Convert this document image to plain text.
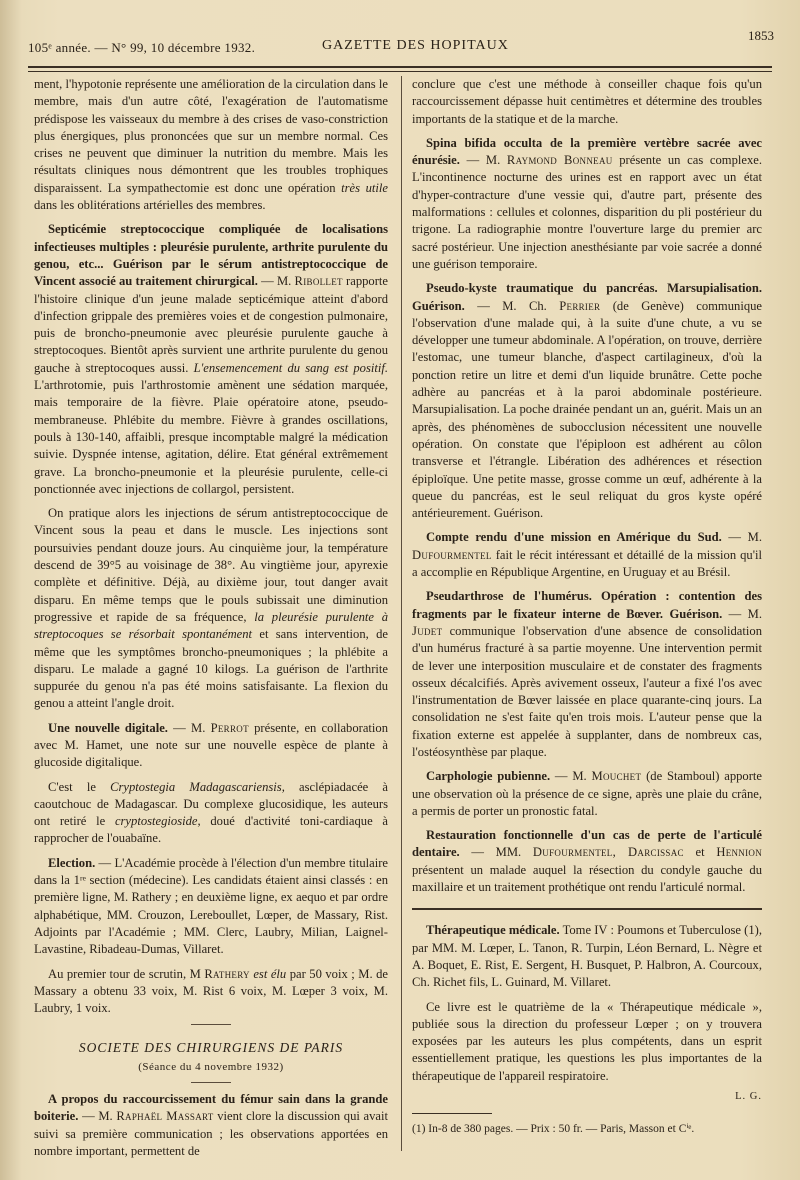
105ᵉ année. — N° 99, 10 décembre 1932.	GAZETTE DES HOPITAUX
1853

ment, l'hypotonie représente une amélioration de la circulation dans le membre, mais d'un autre côté, l'exagération de l'automatisme prédispose les vaisseaux du membre à des crises de vaso-constriction plus énergiques, plus prononcées que sur un membre normal. Ces crises ne peuvent que diminuer la nutrition du membre. Mais les résultats cliniques nous démontrent que les troubles trophiques disparaissent. La sympathectomie est donc une opération très utile dans les oblitérations artérielles des membres.

Septicémie streptococcique compliquée de localisations infectieuses multiples : pleurésie purulente, arthrite purulente du genou, etc... Guérison par le sérum antistreptococcique de Vincent associé au traitement chirurgical. — M. Ribollet rapporte l'histoire clinique d'un jeune malade septicémique atteint d'abord d'infection grippale des premières voies et de congestion pulmonaire, puis de broncho-pneumonie avec pleurésie purulente gauche à streptocoques. Bientôt après survient une arthrite purulente du genou gauche à streptocoques aussi. L'ensemencement du sang est positif. L'arthrotomie, puis l'arthrostomie amènent une sédation marquée, mais temporaire de la fièvre. Plaie opératoire atone, pseudo-membraneuse. Phlébite du membre. Fièvre à grandes oscillations, pouls à 130-140, affaibli, presque incomptable malgré la médication suivie. Dyspnée intense, agitation, délire. Etat général extrêmement grave. La broncho-pneumonie et la pleurésie purulente, celle-ci ponctionnée avec injections de collargol, persistent.

On pratique alors les injections de sérum antistreptococcique de Vincent sous la peau et dans le muscle. Les injections sont poursuivies pendant douze jours. Au cinquième jour, la température descend de 39°5 au voisinage de 38°. Au vingtième jour, apyrexie complète et définitive. Déjà, au dixième jour, tout danger avait disparu. En même temps que le pouls subissait une diminution progressive et rapide de sa fréquence, la pleurésie purulente à streptocoques se résorbait spontanément et sans intervention, de même que les symptômes broncho-pneumoniques ; la phlébite a disparu. Le malade a gagné 10 kilogs. La guérison de l'arthrite suppurée du genou n'a pas été moins satisfaisante. La flexion du genou a atteint l'angle droit.

Une nouvelle digitale. — M. Perrot présente, en collaboration avec M. Hamet, une note sur une nouvelle espèce de plante à glucoside digitalique.

C'est le Cryptostegia Madagascariensis, asclépiadacée à caoutchouc de Madagascar. Du complexe glucosidique, les auteurs ont retiré le cryptostegioside, doué d'activité toni-cardiaque à rapprocher de l'ouabaïne.

Election. — L'Académie procède à l'élection d'un membre titulaire dans la 1ʳᵉ section (médecine). Les candidats étaient ainsi classés : en première ligne, M. Rathery ; en deuxième ligne, ex aequo et par ordre alphabétique, MM. Crouzon, Lereboullet, Lœper, de Massary, Rist. Adjoints par l'Académie ; MM. Clerc, Laubry, Milian, Laignel-Lavastine, Ribadeau-Dumas, Villaret.

Au premier tour de scrutin, M Rathery est élu par 50 voix ; M. de Massary a obtenu 33 voix, M. Rist 6 voix, M. Lœper 3 voix, M. Laubry, 1 voix.

SOCIETE DES CHIRURGIENS DE PARIS
(Séance du 4 novembre 1932)

A propos du raccourcissement du fémur sain dans la grande boiterie. — M. Raphaël Massart vient clore la discussion qui avait suivi sa première communication ; les observations apportées en nombre important, permettent de

conclure que c'est une méthode à conseiller chaque fois qu'un raccourcissement dépasse huit centimètres et détermine des troubles importants de la statique et de la marche.

Spina bifida occulta de la première vertèbre sacrée avec énurésie. — M. Raymond Bonneau présente un cas complexe. L'incontinence nocturne des urines est en rapport avec un état d'hyper-contracture d'une vessie qui, d'autre part, présente des malformations : cellules et colonnes, disparition du pli postérieur du trigone. La radiographie montre l'ouverture large du premier arc sacré postérieur. Une injection anesthésiante par voie sacrée a donné une guérison temporaire.

Pseudo-kyste traumatique du pancréas. Marsupialisation. Guérison. — M. Ch. Perrier (de Genève) communique l'observation d'une malade qui, à la suite d'une chute, a vu se développer une tumeur abdominale. A l'opération, on trouve, derrière l'estomac, une tumeur blanche, d'aspect cartilagineux, d'où la ponction retire un litre et demi d'un liquide brunâtre. Cette poche adhère au pancréas et à la paroi abdominale postérieure. Marsupialisation. La poche drainée pendant un an, guérit. Mais un an après, des phénomènes de subocclusion nécessitent une nouvelle opération. On constate que l'épiploon est adhérent au côlon transverse et l'étrangle. Libération des adhérences et résection épiploïque. Une petite masse, grosse comme un œuf, adhérente à la queue du pancréas, est le seul reliquat du gros kyste opéré antérieurement. Guérison.

Compte rendu d'une mission en Amérique du Sud. — M. Dufourmentel fait le récit intéressant et détaillé de la mission qu'il a accomplie en République Argentine, en Uruguay et au Brésil.

Pseudarthrose de l'humérus. Opération : contention des fragments par le fixateur interne de Bœver. Guérison. — M. Judet communique l'observation d'une absence de consolidation d'un humérus fracturé à sa partie moyenne. Une intervention permit de lever une interposition musculaire et de constater des fragments osseux décalcifiés. Après avivement osseux, l'auteur a fixé l'os avec l'instrumentation de Bœver laissée en place quarante-cinq jours. La consolidation ne s'est faite qu'en trois mois. L'auteur pense que la fixation externe est appelée à supplanter, dans de nombreux cas, l'ostéosynthèse par plaque.

Carphologie pubienne. — M. Mouchet (de Stamboul) apporte une observation où la présence de ce signe, après une plaie du crâne, a permis de porter un pronostic fatal.

Restauration fonctionnelle d'un cas de perte de l'articulé dentaire. — MM. Dufourmentel, Darcissac et Hennion présentent un malade auquel la résection du condyle gauche du maxillaire et un traitement prothétique ont rendu l'articulé normal.

Thérapeutique médicale. Tome IV : Poumons et Tuberculose (1), par MM. M. Lœper, L. Tanon, R. Turpin, Léon Bernard, L. Nègre et A. Boquet, E. Rist, E. Sergent, H. Busquet, P. Halbron, A. Courcoux, Ch. Richet fils, L. Guinard, M. Villaret.

Ce livre est le quatrième de la « Thérapeutique médicale », publiée sous la direction du professeur Lœper ; on y trouvera exposées par les auteurs les plus compétents, dans un esprit essentiellement pratique, les questions les plus importantes de la thérapeutique de l'appareil respiratoire.

L. G.
(1) In-8 de 380 pages. — Prix : 50 fr. — Paris, Masson et Cⁱᵉ.
